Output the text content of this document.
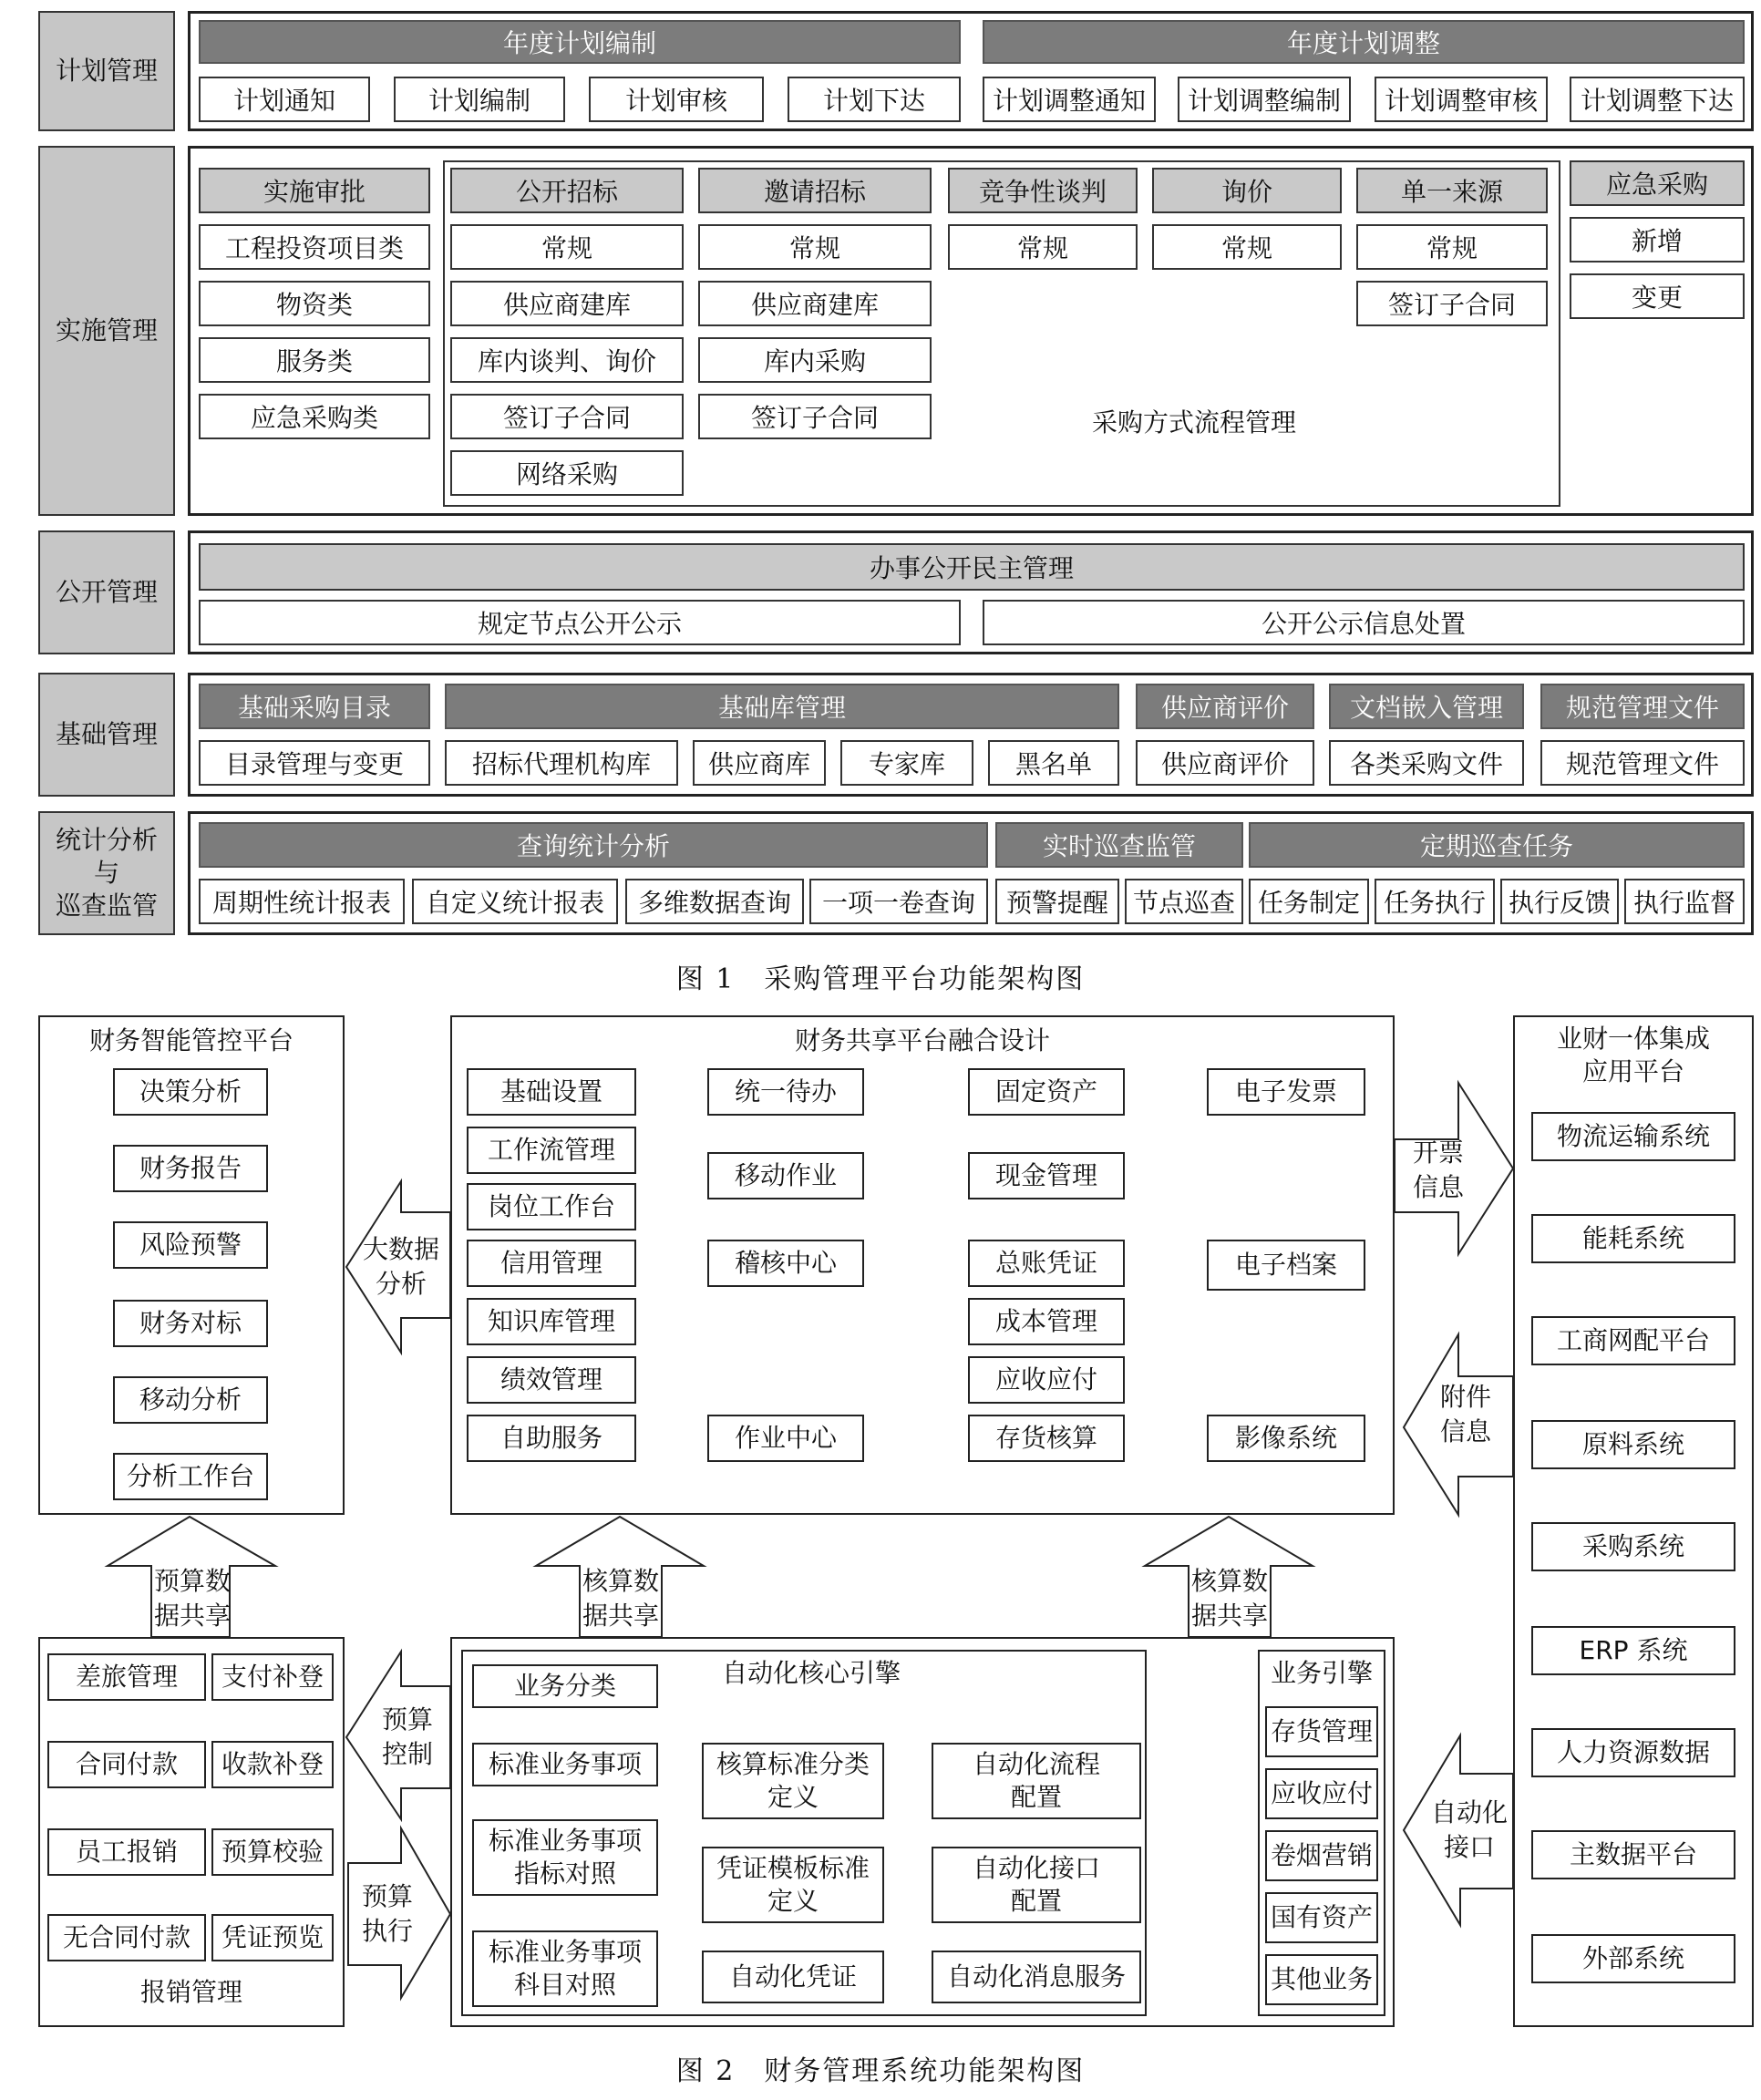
计划管理
年度计划编制	年度计划调整
计划通知	计划编制	计划审核	计划下达	计划调整通知	计划调整编制	计划调整审核	计划调整下达
实施管理
实施审批
工程投资项目类
物资类
服务类
应急采购类
公开招标
常规
供应商建库
库内谈判、询价
签订子合同
网络采购
邀请招标
常规
供应商建库
库内采购
签订子合同
竞争性谈判
常规
询价
常规
单一来源
常规
签订子合同
采购方式流程管理
应急采购
新增
变更
公开管理
办事公开民主管理
规定节点公开公示	公开公示信息处置
基础管理
基础采购目录	基础库管理	供应商评价	文档嵌入管理	规范管理文件
目录管理与变更	招标代理机构库	供应商库	专家库	黑名单	供应商评价	各类采购文件	规范管理文件
统计分析
与
巡查监管
查询统计分析	实时巡查监管	定期巡查任务
周期性统计报表	自定义统计报表	多维数据查询	一项一卷查询	预警提醒 节点巡查 任务制定 任务执行 执行反馈 执行监督
图 1　采购管理平台功能架构图
大数据
分析
开票
信息
附件
信息
预算数
据共享
核算数
据共享
核算数
据共享
预算
控制
预算
执行
自动化
接口
财务智能管控平台
决策分析
财务报告
风险预警
财务对标
移动分析
分析工作台
财务共享平台融合设计
基础设置
工作流管理
岗位工作台
信用管理
知识库管理
绩效管理
自助服务
统一待办
移动作业
稽核中心
作业中心
固定资产
现金管理
总账凭证
成本管理
应收应付
存货核算
电子发票
电子档案
影像系统
业财一体集成
应用平台
物流运输系统
能耗系统
工商网配平台
原料系统
采购系统
ERP 系统
人力资源数据
主数据平台
外部系统
差旅管理	支付补登
合同付款	收款补登
员工报销	预算校验
无合同付款	凭证预览
报销管理
自动化核心引擎
业务分类
标准业务事项
标准业务事项
指标对照
标准业务事项
科目对照
核算标准分类
定义
凭证模板标准
定义
自动化凭证
自动化流程
配置
自动化接口
配置
自动化消息服务
业务引擎
存货管理
应收应付
卷烟营销
国有资产
其他业务
图 2　财务管理系统功能架构图
